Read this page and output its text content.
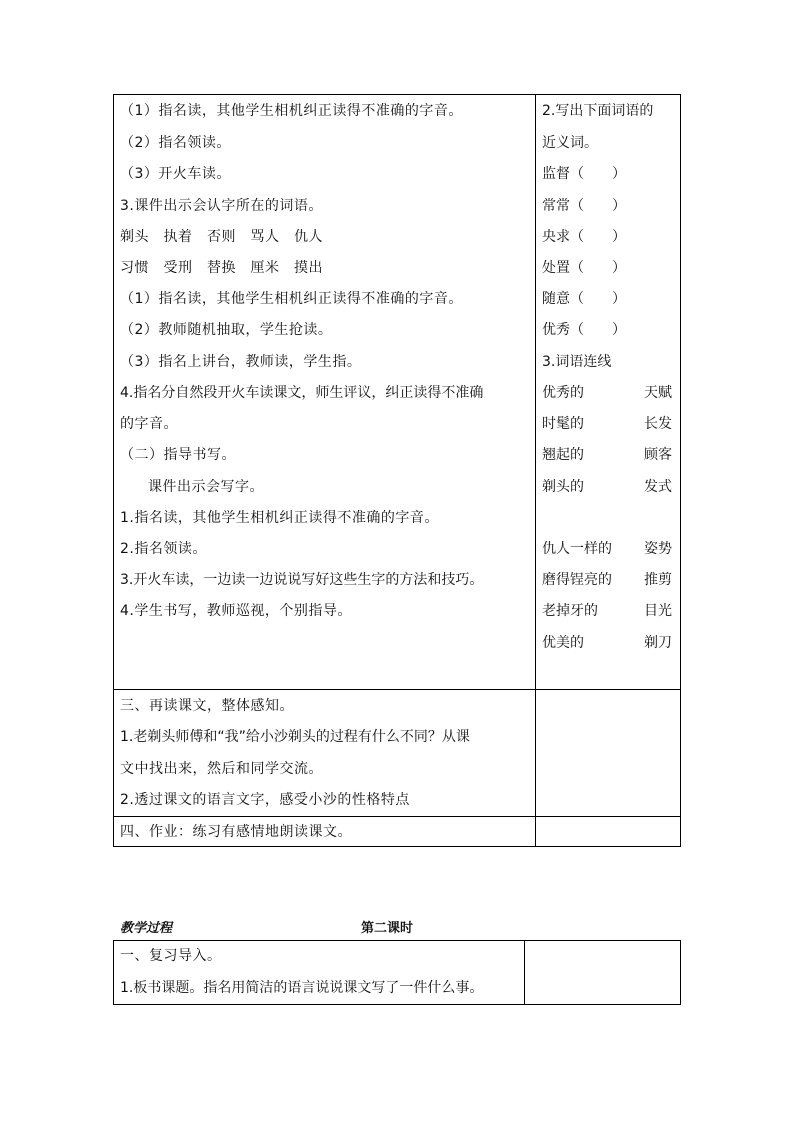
（1）指名读，其他学生相机纠正读得不准确的字音。
（2）指名领读。
（3）开火车读。
3.课件出示会认字所在的词语。
剃头　执着　否则　骂人　仇人
习惯　受刑　替换　厘米　摸出
（1）指名读，其他学生相机纠正读得不准确的字音。
（2）教师随机抽取，学生抢读。
（3）指名上讲台，教师读，学生指。
4.指名分自然段开火车读课文，师生评议，纠正读得不准确
的字音。
（二）指导书写。
课件出示会写字。
1.指名读，其他学生相机纠正读得不准确的字音。
2.指名领读。
3.开火车读，一边读一边说说写好这些生字的方法和技巧。
4.学生书写，教师巡视，个别指导。
2.写出下面词语的
近义词。
监督（　　）
常常（　　）
央求（　　）
处置（　　）
随意（　　）
优秀（　　）
3.词语连线
优秀的	天赋
时髦的	长发
翘起的	顾客
剃头的	发式
仇人一样的 姿势
磨得锃亮的 推剪
老掉牙的	目光
优美的	剃刀
三、再读课文，整体感知。
1.老剃头师傅和“我”给小沙剃头的过程有什么不同？从课
文中找出来，然后和同学交流。
2.透过课文的语言文字，感受小沙的性格特点
四、作业：练习有感情地朗读课文。
教学过程	第二课时
一、复习导入。
1.板书课题。指名用简洁的语言说说课文写了一件什么事。
